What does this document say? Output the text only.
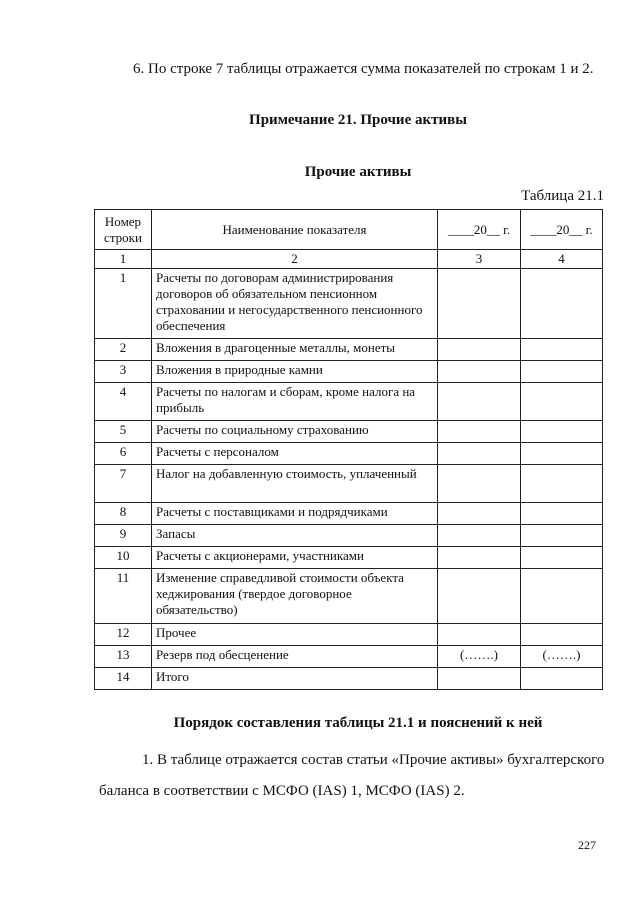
6. По строке 7 таблицы отражается сумма показателей по строкам 1 и 2.
Примечание 21. Прочие активы
Прочие активы
Таблица 21.1
Номер строки	Наименование показателя	____20__ г.	____20__ г.
1	2	3	4
1	Расчеты по договорам администрирования договоров об обязательном пенсионном страховании и негосударственного пенсионного обеспечения		
2	Вложения в драгоценные металлы, монеты		
3	Вложения в природные камни		
4	Расчеты по налогам и сборам, кроме налога на прибыль		
5	Расчеты по социальному страхованию		
6	Расчеты с персоналом		
7	Налог на добавленную стоимость, уплаченный		
8	Расчеты с поставщиками и подрядчиками		
9	Запасы		
10	Расчеты с акционерами, участниками		
11	Изменение справедливой стоимости объекта хеджирования (твердое договорное обязательство)		
12	Прочее		
13	Резерв под обесценение	(…….)	(…….)
14	Итого		
Порядок составления таблицы 21.1 и пояснений к ней
1. В таблице отражается состав статьи «Прочие активы» бухгалтерского
баланса в соответствии с МСФО (IAS) 1, МСФО (IAS) 2.
227
